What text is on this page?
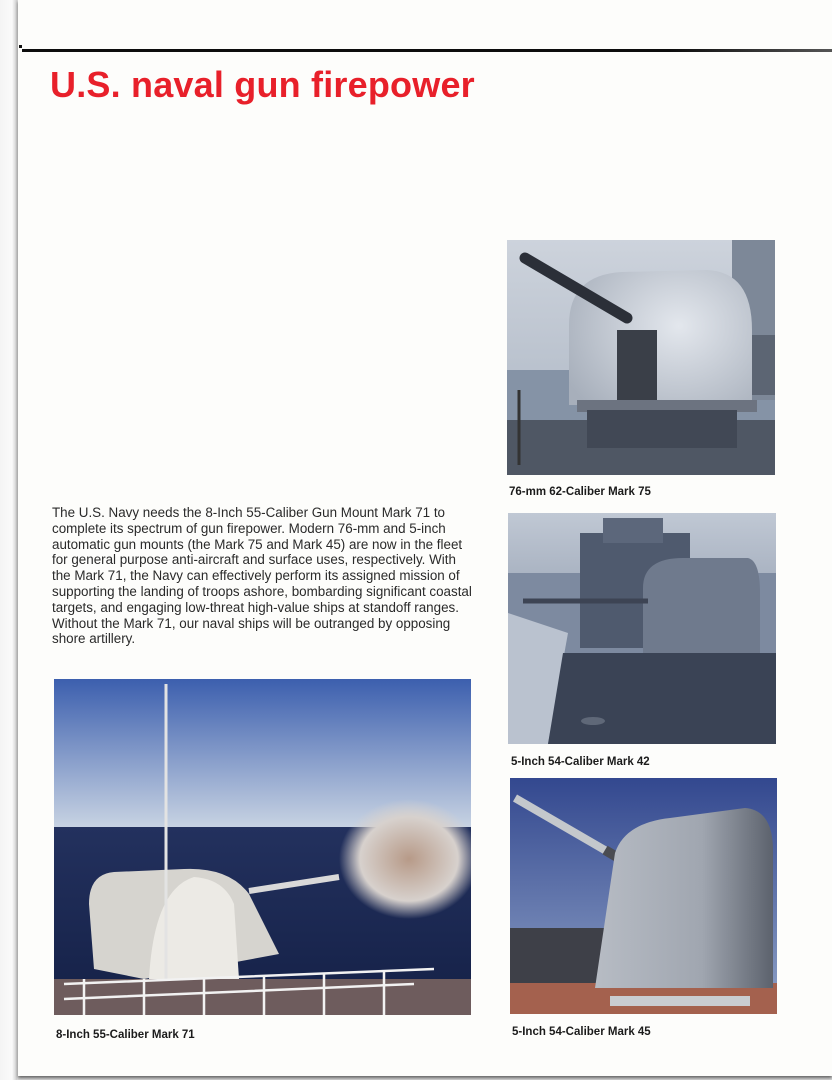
U.S. naval gun firepower

The U.S. Navy needs the 8-Inch 55-Caliber Gun Mount Mark 71 to complete its spectrum of gun firepower. Modern 76-mm and 5-inch automatic gun mounts (the Mark 75 and Mark 45) are now in the fleet for general purpose anti-aircraft and surface uses, respectively. With the Mark 71, the Navy can effectively perform its assigned mission of supporting the landing of troops ashore, bombarding significant coastal targets, and engaging low-threat high-value ships at standoff ranges. Without the Mark 71, our naval ships will be outranged by opposing shore artillery.

76-mm 62-Caliber Mark 75

5-Inch 54-Caliber Mark 42

8-Inch 55-Caliber Mark 71	5-Inch 54-Caliber Mark 45
